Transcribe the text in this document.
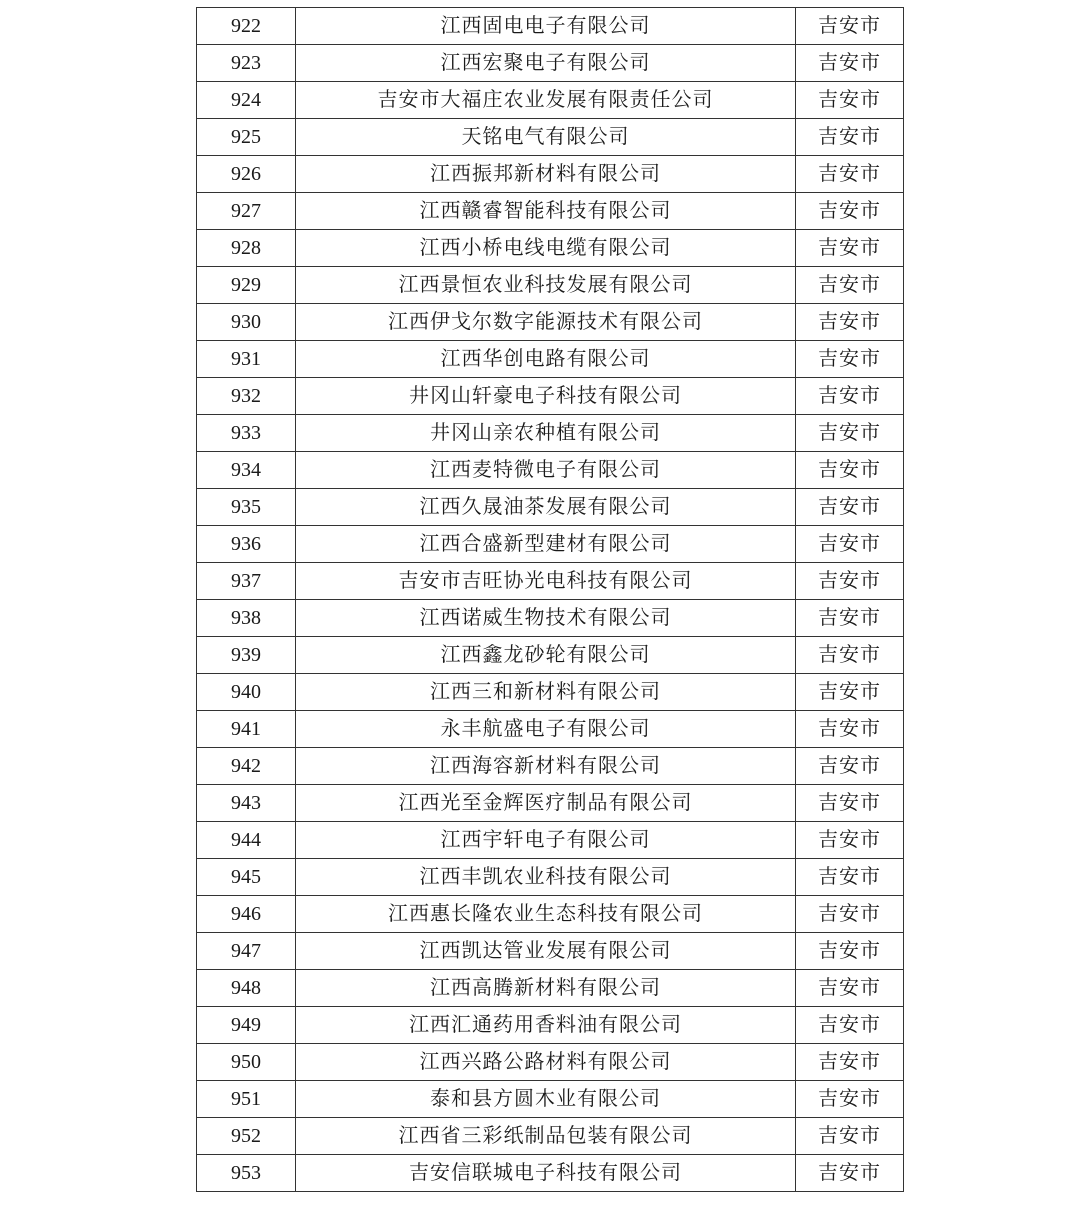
922	江西固电电子有限公司	吉安市
923	江西宏聚电子有限公司	吉安市
924	吉安市大福庄农业发展有限责任公司	吉安市
925	天铭电气有限公司	吉安市
926	江西振邦新材料有限公司	吉安市
927	江西赣睿智能科技有限公司	吉安市
928	江西小桥电线电缆有限公司	吉安市
929	江西景恒农业科技发展有限公司	吉安市
930	江西伊戈尔数字能源技术有限公司	吉安市
931	江西华创电路有限公司	吉安市
932	井冈山轩豪电子科技有限公司	吉安市
933	井冈山亲农种植有限公司	吉安市
934	江西麦特微电子有限公司	吉安市
935	江西久晟油茶发展有限公司	吉安市
936	江西合盛新型建材有限公司	吉安市
937	吉安市吉旺协光电科技有限公司	吉安市
938	江西诺威生物技术有限公司	吉安市
939	江西鑫龙砂轮有限公司	吉安市
940	江西三和新材料有限公司	吉安市
941	永丰航盛电子有限公司	吉安市
942	江西海容新材料有限公司	吉安市
943	江西光至金辉医疗制品有限公司	吉安市
944	江西宇轩电子有限公司	吉安市
945	江西丰凯农业科技有限公司	吉安市
946	江西惠长隆农业生态科技有限公司	吉安市
947	江西凯达管业发展有限公司	吉安市
948	江西高腾新材料有限公司	吉安市
949	江西汇通药用香料油有限公司	吉安市
950	江西兴路公路材料有限公司	吉安市
951	泰和县方圆木业有限公司	吉安市
952	江西省三彩纸制品包装有限公司	吉安市
953	吉安信联城电子科技有限公司	吉安市
